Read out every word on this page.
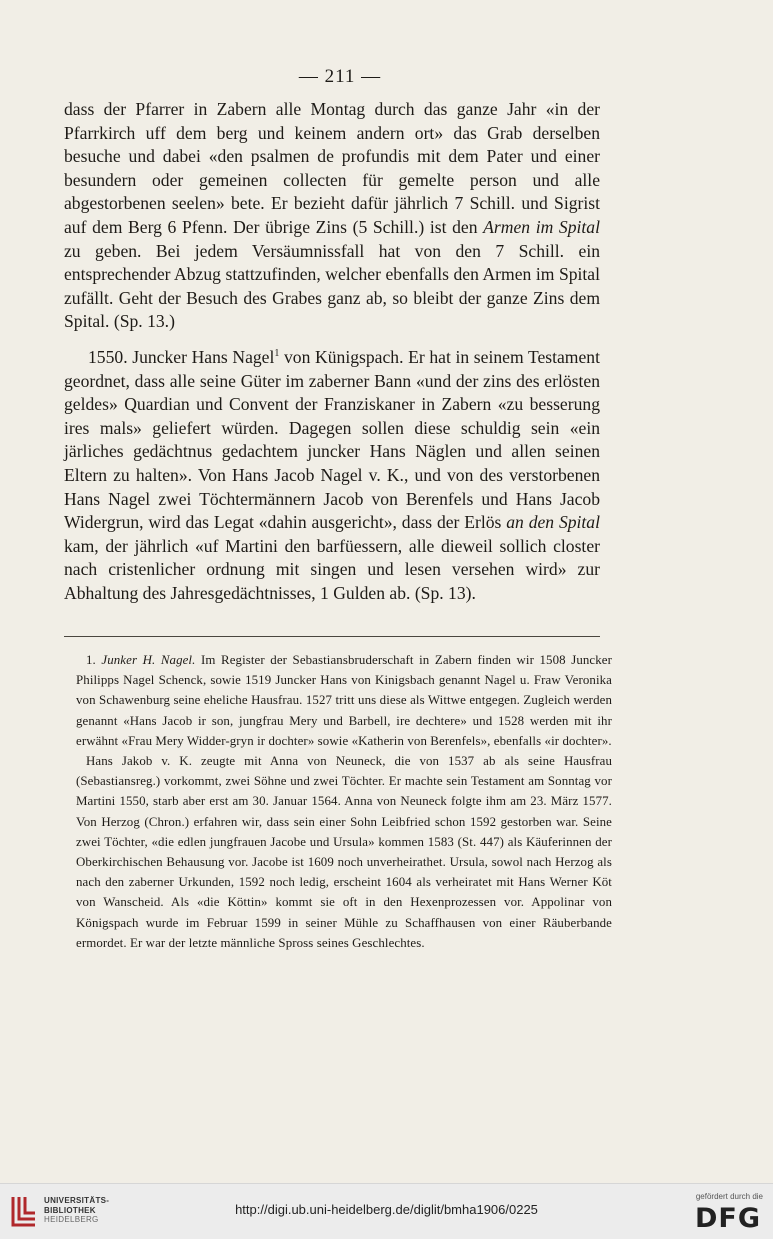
— 211 —

dass der Pfarrer in Zabern alle Montag durch das ganze Jahr «in der Pfarrkirch uff dem berg und keinem andern ort» das Grab derselben besuche und dabei «den psalmen de profundis mit dem Pater und einer besundern oder gemeinen collecten für gemelte person und alle abgestorbenen seelen» bete. Er bezieht dafür jährlich 7 Schill. und Sigrist auf dem Berg 6 Pfenn. Der übrige Zins (5 Schill.) ist den Armen im Spital zu geben. Bei jedem Versäumnissfall hat von den 7 Schill. ein entsprechender Abzug stattzufinden, welcher ebenfalls den Armen im Spital zufällt. Geht der Besuch des Grabes ganz ab, so bleibt der ganze Zins dem Spital. (Sp. 13.)

1550. Juncker Hans Nagel$^1$ von Künigspach. Er hat in seinem Testament geordnet, dass alle seine Güter im zaberner Bann «und der zins des erlösten geldes» Quardian und Convent der Franziskaner in Zabern «zu besserung ires mals» geliefert würden. Dagegen sollen diese schuldig sein «ein järliches gedächtnus gedachtem juncker Hans Näglen und allen seinen Eltern zu halten». Von Hans Jacob Nagel v. K., und von des verstorbenen Hans Nagel zwei Töchtermännern Jacob von Berenfels und Hans Jacob Widergrun, wird das Legat «dahin ausgericht», dass der Erlös an den Spital kam, der jährlich «uf Martini den barfüessern, alle dieweil sollich closter nach cristenlicher ordnung mit singen und lesen versehen wird» zur Abhaltung des Jahresgedächtnisses, 1 Gulden ab. (Sp. 13).

1. Junker H. Nagel. Im Register der Sebastiansbruderschaft in Zabern finden wir 1508 Juncker Philipps Nagel Schenck, sowie 1519 Juncker Hans von Kinigsbach genannt Nagel u. Fraw Veronika von Schawenburg seine eheliche Hausfrau. 1527 tritt uns diese als Wittwe entgegen. Zugleich werden genannt «Hans Jacob ir son, jungfrau Mery und Barbell, ire dechtere» und 1528 werden mit ihr erwähnt «Frau Mery Widder-gryn ir dochter» sowie «Katherin von Berenfels», ebenfalls «ir dochter».

Hans Jakob v. K. zeugte mit Anna von Neuneck, die von 1537 ab als seine Hausfrau (Sebastiansreg.) vorkommt, zwei Söhne und zwei Töchter. Er machte sein Testament am Sonntag vor Martini 1550, starb aber erst am 30. Januar 1564. Anna von Neuneck folgte ihm am 23. März 1577. Von Herzog (Chron.) erfahren wir, dass sein einer Sohn Leibfried schon 1592 gestorben war. Seine zwei Töchter, «die edlen jungfrauen Jacobe und Ursula» kommen 1583 (St. 447) als Käuferinnen der Oberkirchischen Behausung vor. Jacobe ist 1609 noch unverheirathet. Ursula, sowol nach Herzog als nach den zaberner Urkunden, 1592 noch ledig, erscheint 1604 als verheiratet mit Hans Werner Köt von Wanscheid. Als «die Köttin» kommt sie oft in den Hexenprozessen vor. Appolinar von Königspach wurde im Februar 1599 in seiner Mühle zu Schaffhausen von einer Räuberbande ermordet. Er war der letzte männliche Spross seines Geschlechtes.

UNIVERSITÄTS-
BIBLIOTHEK
HEIDELBERG
http://digi.ub.uni-heidelberg.de/diglit/bmha1906/0225
gefördert durch die
DFG
